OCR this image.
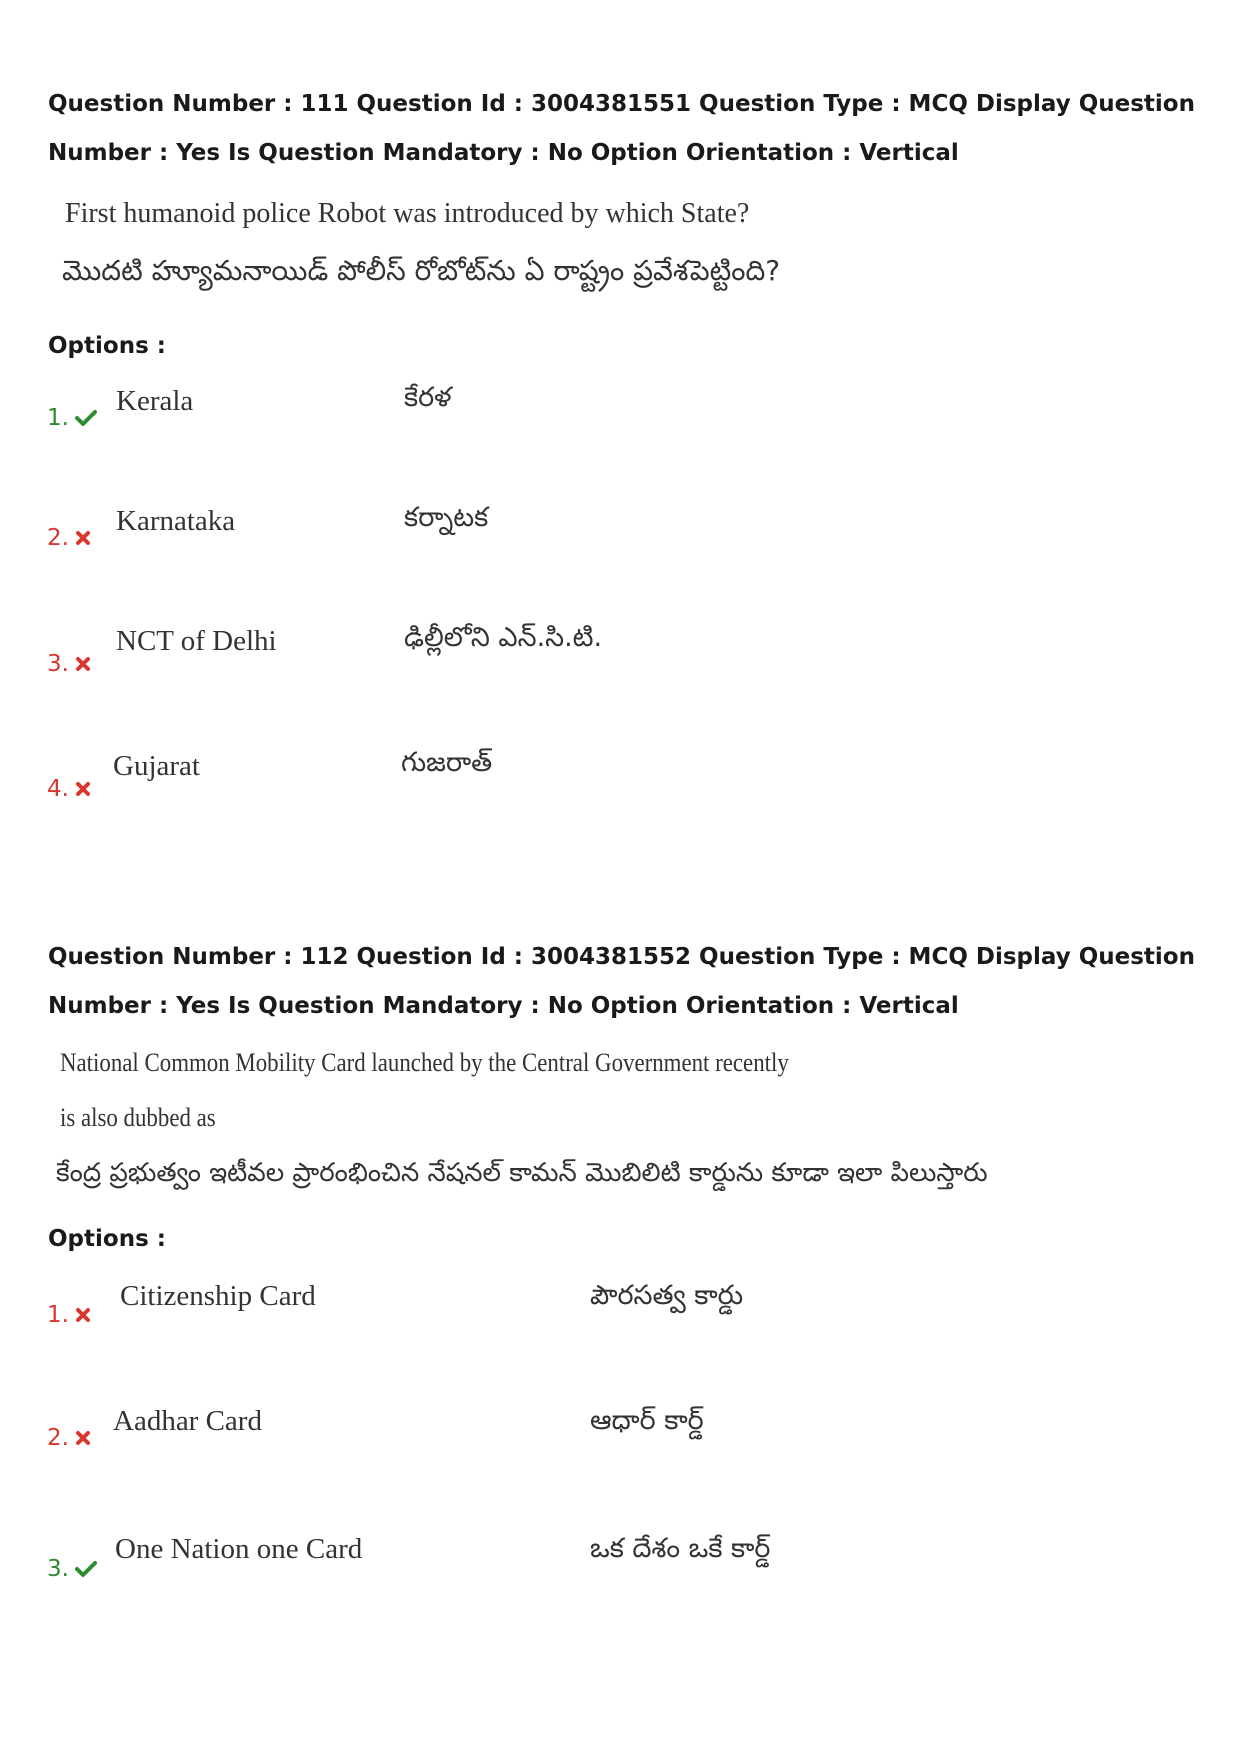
Question Number : 111 Question Id : 3004381551 Question Type : MCQ Display Question Number : Yes Is Question Mandatory : No Option Orientation : Vertical

First humanoid police Robot was introduced by which State?
మొదటి హ్యూమనాయిడ్ పోలీస్ రోబోట్‌ను ఏ రాష్ట్రం ప్రవేశపెట్టింది?
Options :
1.
Kerala	కేరళ
2.
Karnataka	కర్నాటక
3.
NCT of Delhi	ఢిల్లీలోని ఎన్.సి.టి.
4.
Gujarat	గుజరాత్

Question Number : 112 Question Id : 3004381552 Question Type : MCQ Display Question Number : Yes Is Question Mandatory : No Option Orientation : Vertical

National Common Mobility Card launched by the Central Government recently
is also dubbed as
కేంద్ర ప్రభుత్వం ఇటీవల ప్రారంభించిన నేషనల్ కామన్ మొబిలిటి కార్డును కూడా ఇలా పిలుస్తారు
Options :
1.
Citizenship Card	పౌరసత్వ కార్డు
2.
Aadhar Card	ఆధార్ కార్డ్
3.
One Nation one Card	ఒక దేశం ఒకే కార్డ్
